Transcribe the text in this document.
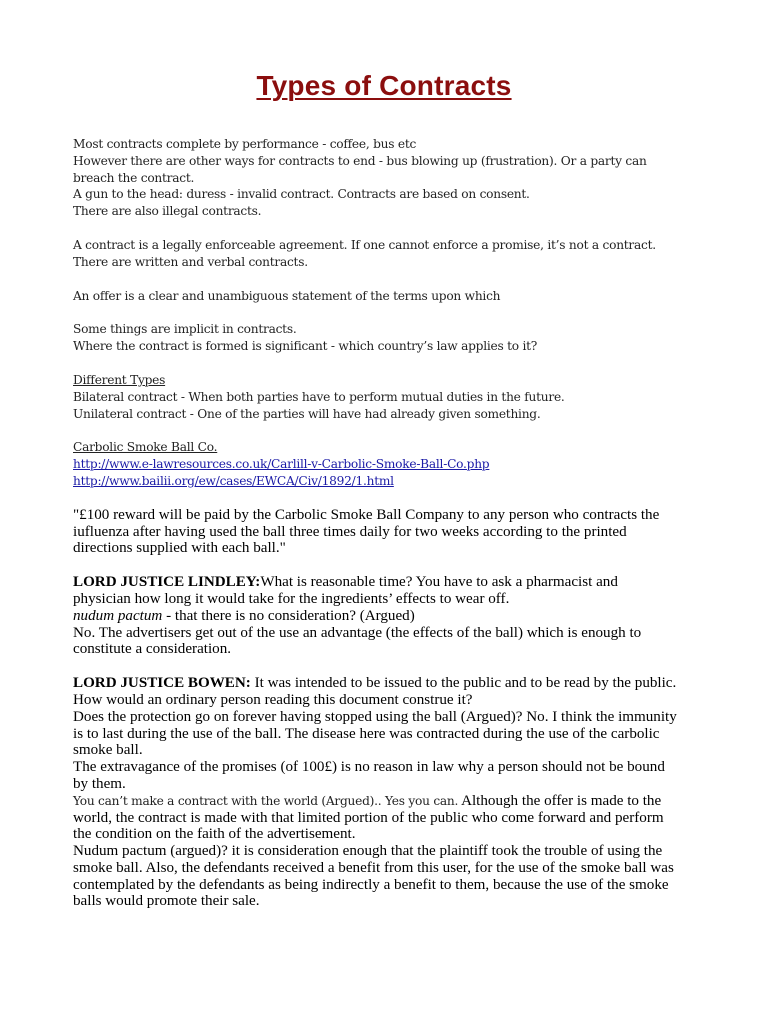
Types of Contracts
Most contracts complete by performance - coffee, bus etc
However there are other ways for contracts to end - bus blowing up (frustration). Or a party can
breach the contract.
A gun to the head: duress - invalid contract. Contracts are based on consent.
There are also illegal contracts.
A contract is a legally enforceable agreement. If one cannot enforce a promise, it’s not a contract.
There are written and verbal contracts.
An offer is a clear and unambiguous statement of the terms upon which
Some things are implicit in contracts.
Where the contract is formed is significant - which country’s law applies to it?
Different Types
Bilateral contract - When both parties have to perform mutual duties in the future.
Unilateral contract - One of the parties will have had already given something.
Carbolic Smoke Ball Co.
http://www.e-lawresources.co.uk/Carlill-v-Carbolic-Smoke-Ball-Co.php
http://www.bailii.org/ew/cases/EWCA/Civ/1892/1.html
"£100 reward will be paid by the Carbolic Smoke Ball Company to any person who contracts the
iufluenza after having used the ball three times daily for two weeks according to the printed
directions supplied with each ball."
LORD JUSTICE LINDLEY:What is reasonable time? You have to ask a pharmacist and
physician how long it would take for the ingredients’ effects to wear off.
nudum pactum - that there is no consideration? (Argued)
No. The advertisers get out of the use an advantage (the effects of the ball) which is enough to
constitute a consideration.
LORD JUSTICE BOWEN: It was intended to be issued to the public and to be read by the public.
How would an ordinary person reading this document construe it?
Does the protection go on forever having stopped using the ball (Argued)? No. I think the immunity
is to last during the use of the ball. The disease here was contracted during the use of the carbolic
smoke ball.
The extravagance of the promises (of 100£) is no reason in law why a person should not be bound
by them.
You can’t make a contract with the world (Argued).. Yes you can. Although the offer is made to the
world, the contract is made with that limited portion of the public who come forward and perform
the condition on the faith of the advertisement.
Nudum pactum (argued)? it is consideration enough that the plaintiff took the trouble of using the
smoke ball. Also, the defendants received a benefit from this user, for the use of the smoke ball was
contemplated by the defendants as being indirectly a benefit to them, because the use of the smoke
balls would promote their sale.
